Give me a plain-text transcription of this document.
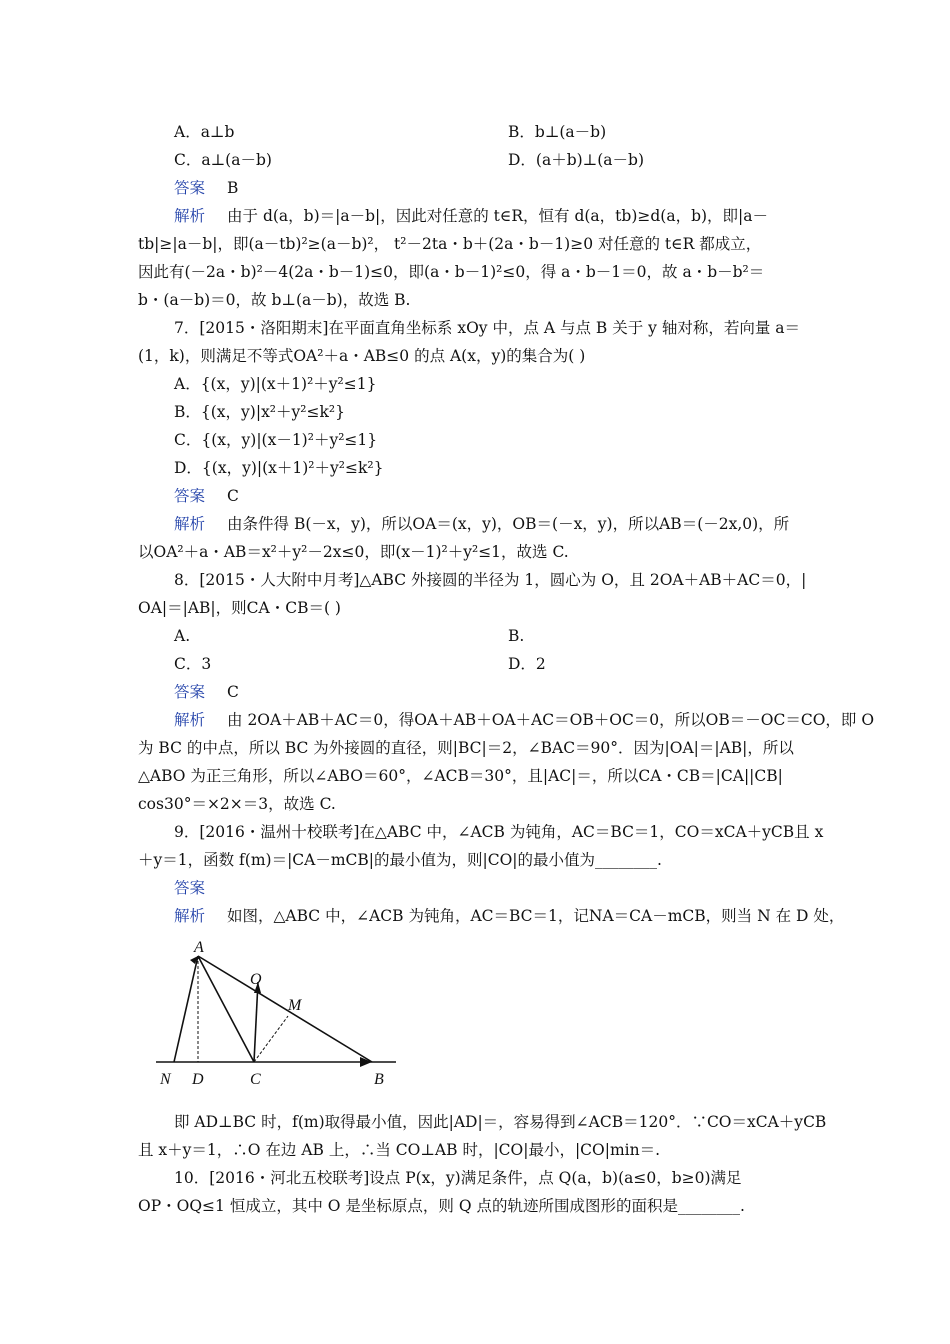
A．a⊥b	B．b⊥(a－b)
C．a⊥(a－b)	D．(a＋b)⊥(a－b)
答案 B
解析 由于 d(a，b)＝|a－b|，因此对任意的 t∈R，恒有 d(a，tb)≥d(a，b)，即|a－
tb|≥|a－b|，即(a－tb)²≥(a－b)²， t²－2ta・b＋(2a・b－1)≥0 对任意的 t∈R 都成立，
因此有(－2a・b)²－4(2a・b－1)≤0，即(a・b－1)²≤0，得 a・b－1＝0，故 a・b－b²＝
b・(a－b)＝0，故 b⊥(a－b)，故选 B.
7．[2015・洛阳期末]在平面直角坐标系 xOy 中，点 A 与点 B 关于 y 轴对称，若向量 a＝
(1，k)，则满足不等式OA²＋a・AB≤0 的点 A(x，y)的集合为( )
A．{(x，y)|(x＋1)²＋y²≤1}
B．{(x，y)|x²＋y²≤k²}
C．{(x，y)|(x－1)²＋y²≤1}
D．{(x，y)|(x＋1)²＋y²≤k²}
答案 C
解析 由条件得 B(－x，y)，所以OA＝(x，y)，OB＝(－x，y)，所以AB＝(－2x,0)，所
以OA²＋a・AB＝x²＋y²－2x≤0，即(x－1)²＋y²≤1，故选 C.
8．[2015・人大附中月考]△ABC 外接圆的半径为 1，圆心为 O，且 2OA＋AB＋AC＝0，|
OA|＝|AB|，则CA・CB＝( )
A.	B.
C．3	D．2
答案 C
解析 由 2OA＋AB＋AC＝0，得OA＋AB＋OA＋AC＝OB＋OC＝0，所以OB＝－OC＝CO，即 O
为 BC 的中点，所以 BC 为外接圆的直径，则|BC|＝2，∠BAC＝90°．因为|OA|＝|AB|，所以
△ABO 为正三角形，所以∠ABO＝60°，∠ACB＝30°，且|AC|＝，所以CA・CB＝|CA||CB|
cos30°＝×2×＝3，故选 C.
9．[2016・温州十校联考]在△ABC 中，∠ACB 为钝角，AC＝BC＝1，CO＝xCA＋yCB且 x
＋y＝1，函数 f(m)＝|CA－mCB|的最小值为，则|CO|的最小值为________.
答案
解析 如图，△ABC 中，∠ACB 为钝角，AC＝BC＝1，记NA＝CA－mCB，则当 N 在 D 处，
A
O
M
N D	C	B
即 AD⊥BC 时，f(m)取得最小值，因此|AD|＝，容易得到∠ACB＝120°．∵CO＝xCA＋yCB
且 x＋y＝1，∴O 在边 AB 上，∴当 CO⊥AB 时，|CO|最小，|CO|min＝.
10．[2016・河北五校联考]设点 P(x，y)满足条件，点 Q(a，b)(a≤0，b≥0)满足
OP・OQ≤1 恒成立，其中 O 是坐标原点，则 Q 点的轨迹所围成图形的面积是________.
